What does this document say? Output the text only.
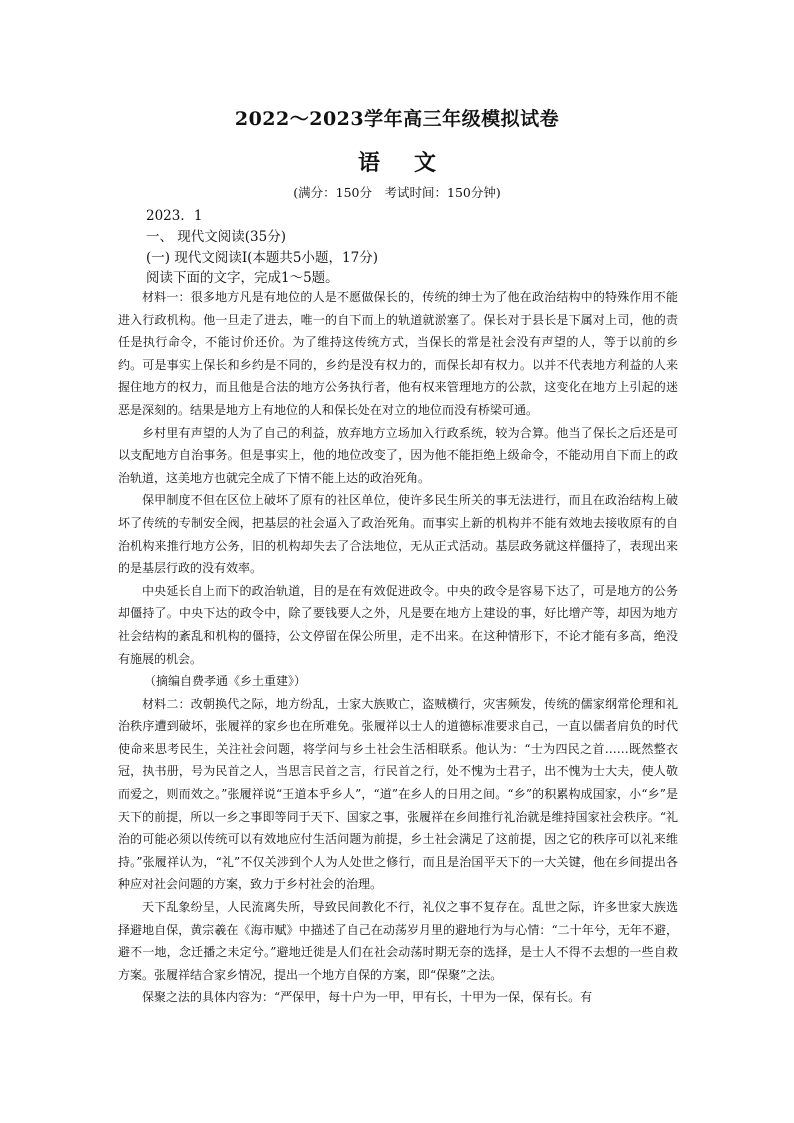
2022～2023学年高三年级模拟试卷
语文
(满分：150分　考试时间：150分钟)
2023．1
一、 现代文阅读(35分)
(一) 现代文阅读Ⅰ(本题共5小题，17分)
阅读下面的文字，完成1～5题。

材料一：很多地方凡是有地位的人是不愿做保长的，传统的绅士为了他在政治结构中的特殊作用不能进入行政机构。他一旦走了进去，唯一的自下而上的轨道就淤塞了。保长对于县长是下属对上司，他的责任是执行命令，不能讨价还价。为了维持这传统方式，当保长的常是社会没有声望的人，等于以前的乡约。可是事实上保长和乡约是不同的，乡约是没有权力的，而保长却有权力。以并不代表地方利益的人来握住地方的权力，而且他是合法的地方公务执行者，他有权来管理地方的公款，这变化在地方上引起的迷恶是深刻的。结果是地方上有地位的人和保长处在对立的地位而没有桥梁可通。

乡村里有声望的人为了自己的利益，放弃地方立场加入行政系统，较为合算。他当了保长之后还是可以支配地方自治事务。但是事实上，他的地位改变了，因为他不能拒绝上级命令，不能动用自下而上的政治轨道，这美地方也就完全成了下情不能上达的政治死角。

保甲制度不但在区位上破坏了原有的社区单位，使许多民生所关的事无法进行，而且在政治结构上破坏了传统的专制安全阀，把基层的社会逼入了政治死角。而事实上新的机构并不能有效地去接收原有的自治机构来推行地方公务，旧的机构却失去了合法地位，无从正式活动。基层政务就这样僵持了，表现出来的是基层行政的没有效率。

中央延长自上而下的政治轨道，目的是在有效促进政令。中央的政令是容易下达了，可是地方的公务却僵持了。中央下达的政令中，除了要钱要人之外，凡是要在地方上建设的事，好比增产等，却因为地方社会结构的紊乱和机构的僵持，公文停留在保公所里，走不出来。在这种情形下，不论才能有多高，绝没有施展的机会。

（摘编自费孝通《乡土重建》）

材料二：改朝换代之际，地方纷乱，士家大族败亡，盗贼横行，灾害频发，传统的儒家纲常伦理和礼治秩序遭到破坏，张履祥的家乡也在所难免。张履祥以士人的道德标准要求自己，一直以儒者肩负的时代使命来思考民生，关注社会问题，将学问与乡土社会生活相联系。他认为：“士为四民之首……既然整衣冠，执书册，号为民首之人，当思言民首之言，行民首之行，处不愧为士君子，出不愧为士大夫，使人敬而爱之，则而效之。”张履祥说“王道本乎乡人”，“道”在乡人的日用之间。“乡”的积累构成国家，小“乡”是天下的前提，所以一乡之事即等同于天下、国家之事，张履祥在乡间推行礼治就是维持国家社会秩序。“礼治的可能必须以传统可以有效地应付生活问题为前提，乡土社会满足了这前提，因之它的秩序可以礼来维持。”张履祥认为，“礼”不仅关涉到个人为人处世之修行，而且是治国平天下的一大关键，他在乡间提出各种应对社会问题的方案，致力于乡村社会的治理。

天下乱象纷呈，人民流离失所，导致民间教化不行，礼仪之事不复存在。乱世之际，许多世家大族选择避地自保，黄宗羲在《海市赋》中描述了自己在动荡岁月里的避地行为与心情：“二十年兮，无年不避，避不一地，念迁播之未定兮。”避地迁徙是人们在社会动荡时期无奈的选择，是士人不得不去想的一些自救方案。张履祥结合家乡情况，提出一个地方自保的方案，即“保聚”之法。

保聚之法的具体内容为：“严保甲，每十户为一甲，甲有长，十甲为一保，保有长。有
